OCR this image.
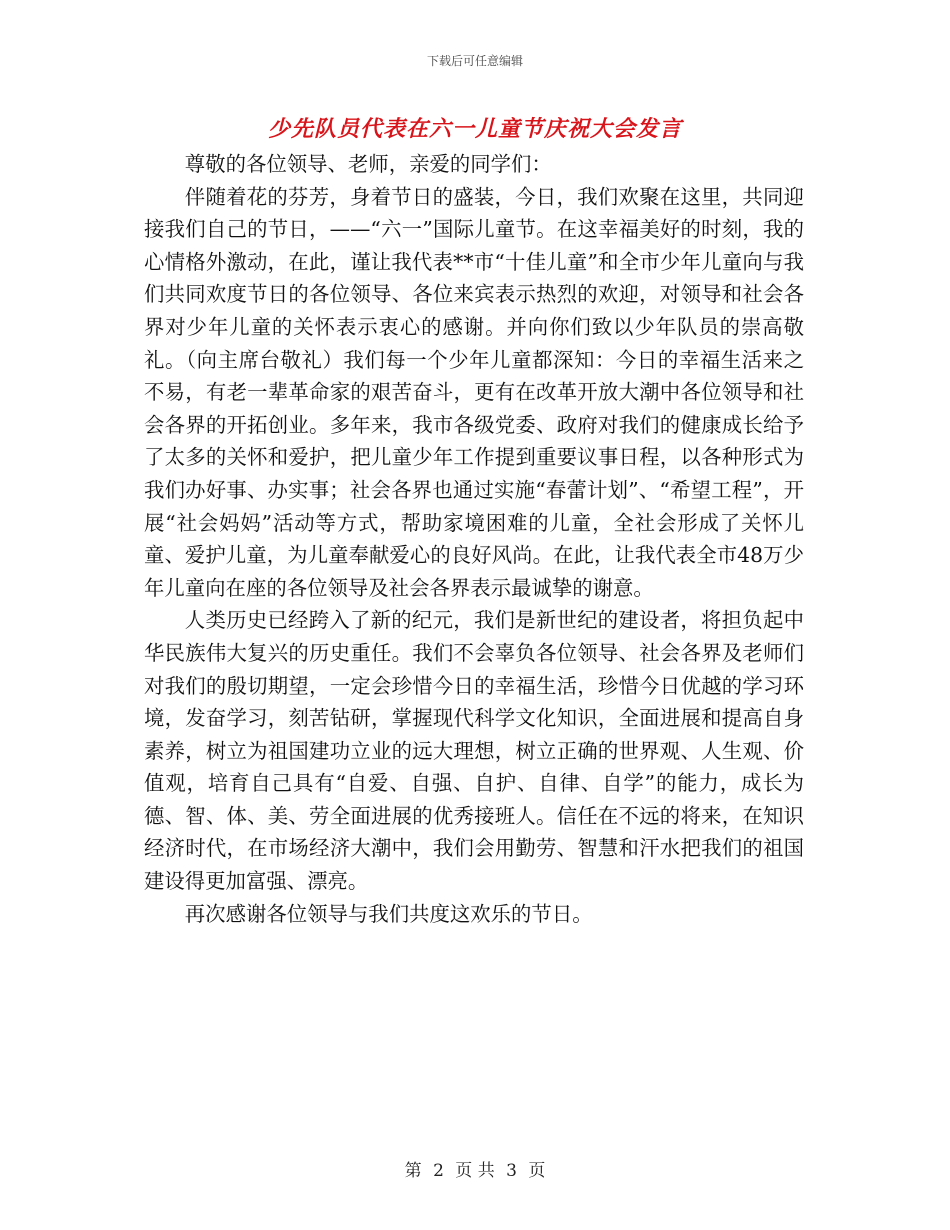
下载后可任意编辑
少先队员代表在六一儿童节庆祝大会发言

尊敬的各位领导、老师，亲爱的同学们：

伴随着花的芬芳，身着节日的盛装，今日，我们欢聚在这里，共同迎接我们自己的节日，——“六一”国际儿童节。在这幸福美好的时刻，我的心情格外激动，在此，谨让我代表**市“十佳儿童”和全市少年儿童向与我们共同欢度节日的各位领导、各位来宾表示热烈的欢迎，对领导和社会各界对少年儿童的关怀表示衷心的感谢。并向你们致以少年队员的崇高敬礼。（向主席台敬礼）我们每一个少年儿童都深知：今日的幸福生活来之不易，有老一辈革命家的艰苦奋斗，更有在改革开放大潮中各位领导和社会各界的开拓创业。多年来，我市各级党委、政府对我们的健康成长给予了太多的关怀和爱护，把儿童少年工作提到重要议事日程，以各种形式为我们办好事、办实事；社会各界也通过实施“春蕾计划”、“希望工程”，开展“社会妈妈”活动等方式，帮助家境困难的儿童，全社会形成了关怀儿童、爱护儿童，为儿童奉献爱心的良好风尚。在此，让我代表全市48万少年儿童向在座的各位领导及社会各界表示最诚挚的谢意。

人类历史已经跨入了新的纪元，我们是新世纪的建设者，将担负起中华民族伟大复兴的历史重任。我们不会辜负各位领导、社会各界及老师们对我们的殷切期望，一定会珍惜今日的幸福生活，珍惜今日优越的学习环境，发奋学习，刻苦钻研，掌握现代科学文化知识，全面进展和提高自身素养，树立为祖国建功立业的远大理想，树立正确的世界观、人生观、价值观，培育自己具有“自爱、自强、自护、自律、自学”的能力，成长为德、智、体、美、劳全面进展的优秀接班人。信任在不远的将来，在知识经济时代，在市场经济大潮中，我们会用勤劳、智慧和汗水把我们的祖国建设得更加富强、漂亮。

再次感谢各位领导与我们共度这欢乐的节日。

第 2 页 共 3 页
